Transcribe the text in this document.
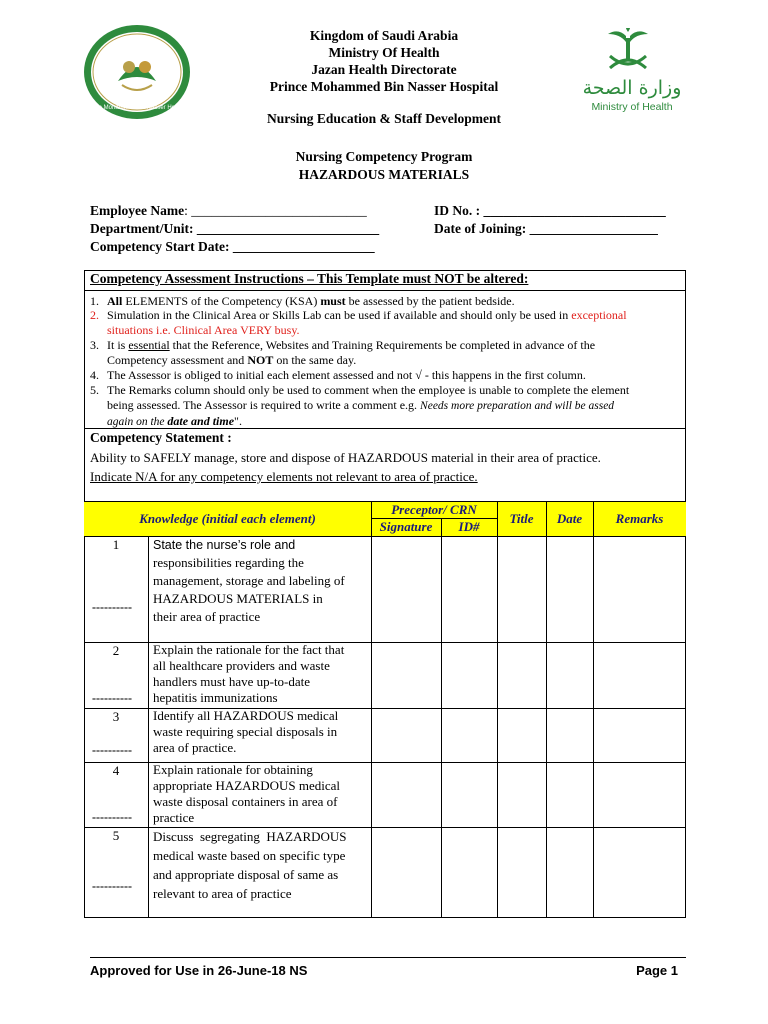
Prince Mohammed bin Nasser Hospital
وزارة الصحة
Ministry of Health
Kingdom of Saudi Arabia
Ministry Of Health
Jazan Health Directorate
Prince Mohammed Bin Nasser Hospital
Nursing Education & Staff Development
Nursing Competency Program
HAZARDOUS MATERIALS
Employee Name: __________________________
Department/Unit: ___________________________
Competency Start Date: _____________________
ID No. : ___________________________
Date of Joining: ___________________
Competency Assessment Instructions – This Template must NOT be altered:
1. All ELEMENTS of the Competency (KSA) must be assessed by the patient bedside.
2. Simulation in the Clinical Area or Skills Lab can be used if available and should only be used in exceptional
situations i.e. Clinical Area VERY busy.
3. It is essential that the Reference, Websites and Training Requirements be completed in advance of the
Competency assessment and NOT on the same day.
4. The Assessor is obliged to initial each element assessed and not √ - this happens in the first column.
5. The Remarks column should only be used to comment when the employee is unable to complete the element
being assessed. The Assessor is required to write a comment e.g. Needs more preparation and will be assed
again on the date and time".
Competency Statement :
Ability to SAFELY manage, store and dispose of HAZARDOUS material in their area of practice.
Indicate N/A for any competency elements not relevant to area of practice.
Knowledge (initial each element)
Preceptor/ CRN
Signature	ID#
Title	Date	Remarks
1
----------
State the nurse’s role and
responsibilities regarding the
management, storage and labeling of
HAZARDOUS MATERIALS in
their area of practice
2
----------
Explain the rationale for the fact that
all healthcare providers and waste
handlers must have up-to-date
hepatitis immunizations
3
----------
Identify all HAZARDOUS medical
waste requiring special disposals in
area of practice.
4
----------
Explain rationale for obtaining
appropriate HAZARDOUS medical
waste disposal containers in area of
practice
5
----------
Discuss  segregating  HAZARDOUS
medical waste based on specific type
and appropriate disposal of same as
relevant to area of practice
Approved for Use in 26-June-18 NS	Page 1
